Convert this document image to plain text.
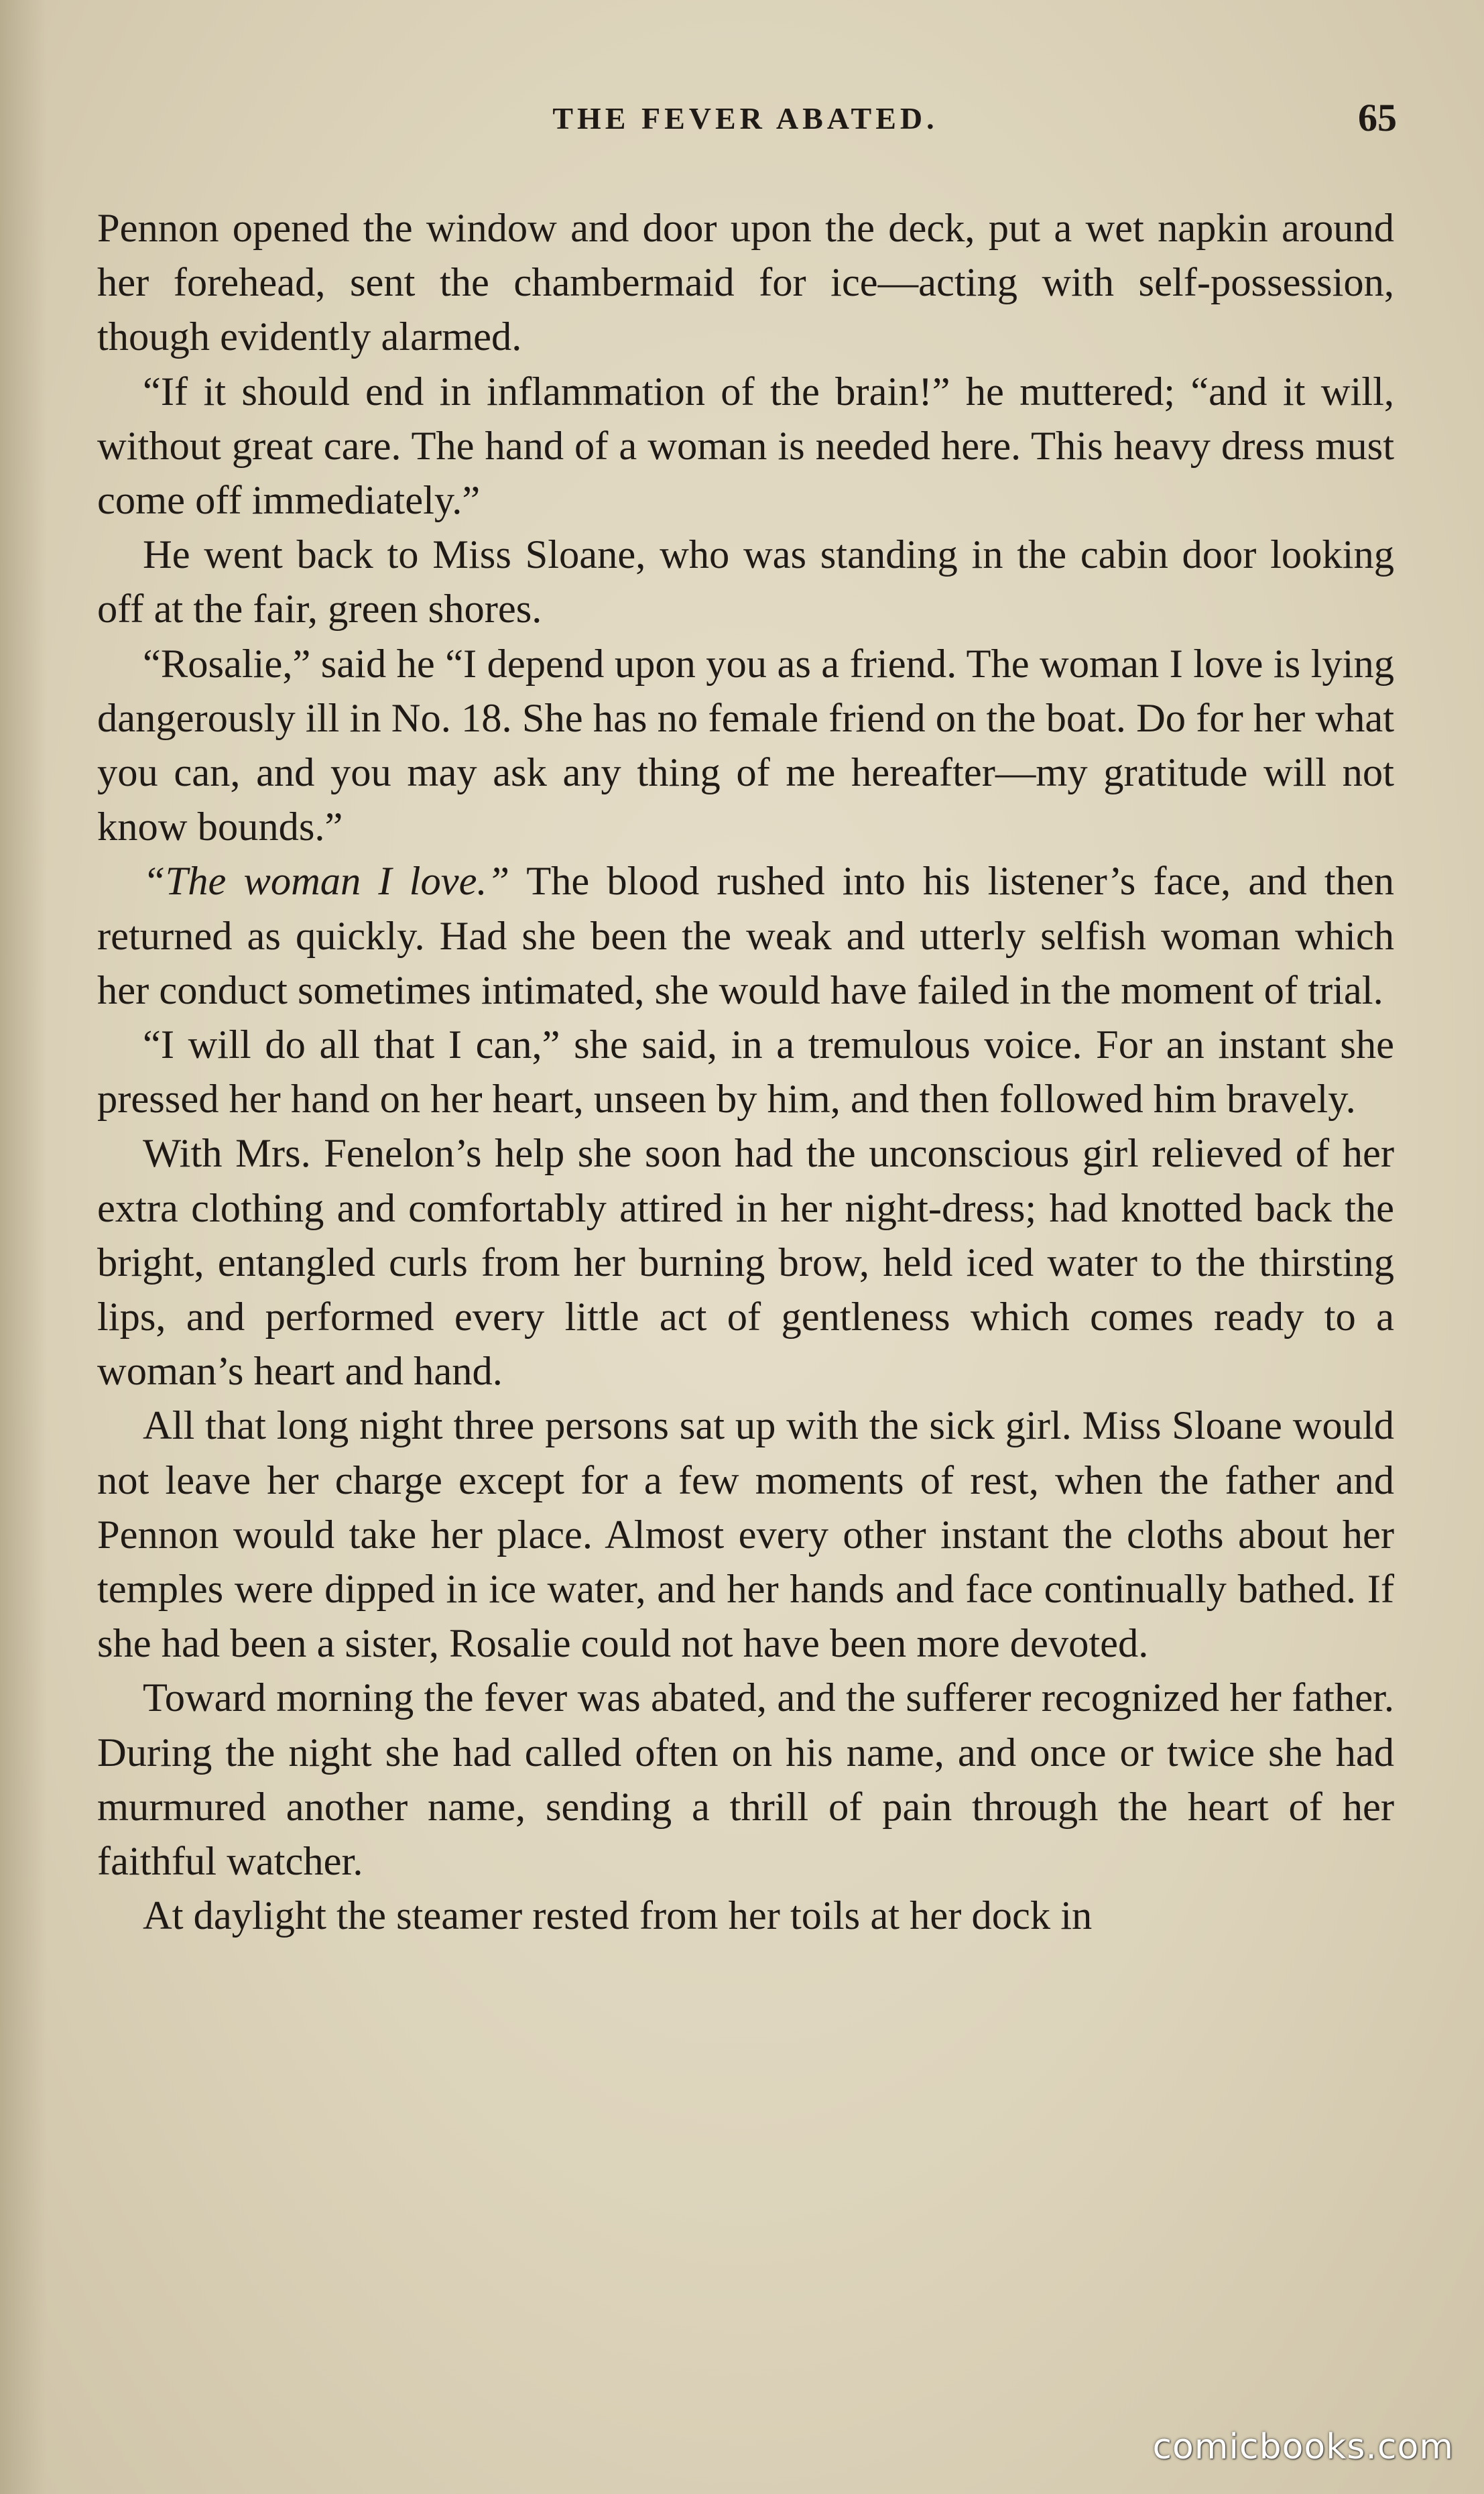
THE FEVER ABATED.	65

Pennon opened the window and door upon the deck, put a wet napkin around her forehead, sent the chambermaid for ice—acting with self-possession, though evidently alarmed.

“If it should end in inflammation of the brain!” he muttered; “and it will, without great care. The hand of a woman is needed here. This heavy dress must come off immediately.”

He went back to Miss Sloane, who was standing in the cabin door looking off at the fair, green shores.

“Rosalie,” said he “I depend upon you as a friend. The woman I love is lying dangerously ill in No. 18. She has no female friend on the boat. Do for her what you can, and you may ask any thing of me hereafter—my gratitude will not know bounds.”

“The woman I love.” The blood rushed into his listener’s face, and then returned as quickly. Had she been the weak and utterly selfish woman which her conduct sometimes intimated, she would have failed in the moment of trial.

“I will do all that I can,” she said, in a tremulous voice. For an instant she pressed her hand on her heart, unseen by him, and then followed him bravely.

With Mrs. Fenelon’s help she soon had the unconscious girl relieved of her extra clothing and comfortably attired in her night-dress; had knotted back the bright, entangled curls from her burning brow, held iced water to the thirsting lips, and performed every little act of gentleness which comes ready to a woman’s heart and hand.

All that long night three persons sat up with the sick girl. Miss Sloane would not leave her charge except for a few moments of rest, when the father and Pennon would take her place. Almost every other instant the cloths about her temples were dipped in ice water, and her hands and face continually bathed. If she had been a sister, Rosalie could not have been more devoted.

Toward morning the fever was abated, and the sufferer recognized her father. During the night she had called often on his name, and once or twice she had murmured another name, sending a thrill of pain through the heart of her faithful watcher.

At daylight the steamer rested from her toils at her dock in

comicbooks.com
